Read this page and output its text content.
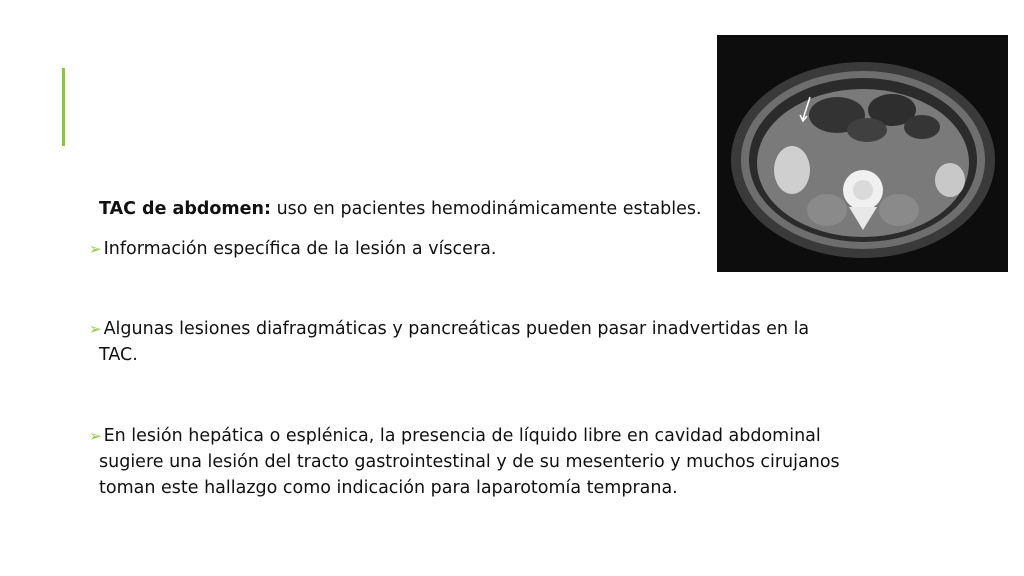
TAC de abdomen: uso en pacientes hemodinámicamente estables.
➢ Información específica de la lesión a víscera.
➢ Algunas lesiones diafragmáticas y pancreáticas pueden pasar inadvertidas en la
TAC.
➢ En lesión hepática o esplénica, la presencia de líquido libre en cavidad abdominal
sugiere una lesión del tracto gastrointestinal y de su mesenterio y muchos cirujanos
toman este hallazgo como indicación para laparotomía temprana.
